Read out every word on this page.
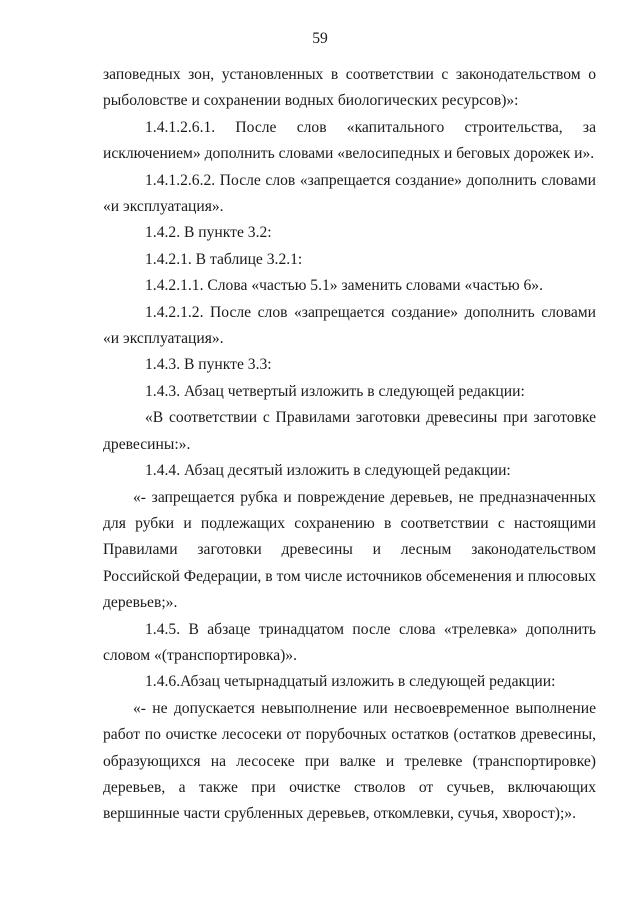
59

заповедных зон, установленных в соответствии с законодательством о рыболовстве и сохранении водных биологических ресурсов)»:

1.4.1.2.6.1. После слов «капитального строительства, за исключением» дополнить словами «велосипедных и беговых дорожек и».

1.4.1.2.6.2. После слов «запрещается создание» дополнить словами «и эксплуатация».

1.4.2. В пункте 3.2:

1.4.2.1. В таблице 3.2.1:

1.4.2.1.1. Слова «частью 5.1» заменить словами «частью 6».

1.4.2.1.2. После слов «запрещается создание» дополнить словами «и эксплуатация».

1.4.3. В пункте 3.3:

1.4.3. Абзац четвертый изложить в следующей редакции:

«В соответствии с Правилами заготовки древесины при заготовке древесины:».

1.4.4. Абзац десятый изложить в следующей редакции:

«- запрещается рубка и повреждение деревьев, не предназначенных для рубки и подлежащих сохранению в соответствии с настоящими Правилами заготовки древесины и лесным законодательством Российской Федерации, в том числе источников обсеменения и плюсовых деревьев;».

1.4.5. В абзаце тринадцатом после слова «трелевка» дополнить словом «(транспортировка)».

1.4.6.Абзац четырнадцатый изложить в следующей редакции:

«- не допускается невыполнение или несвоевременное выполнение работ по очистке лесосеки от порубочных остатков (остатков древесины, образующихся на лесосеке при валке и трелевке (транспортировке) деревьев, а также при очистке стволов от сучьев, включающих вершинные части срубленных деревьев, откомлевки, сучья, хворост);».
